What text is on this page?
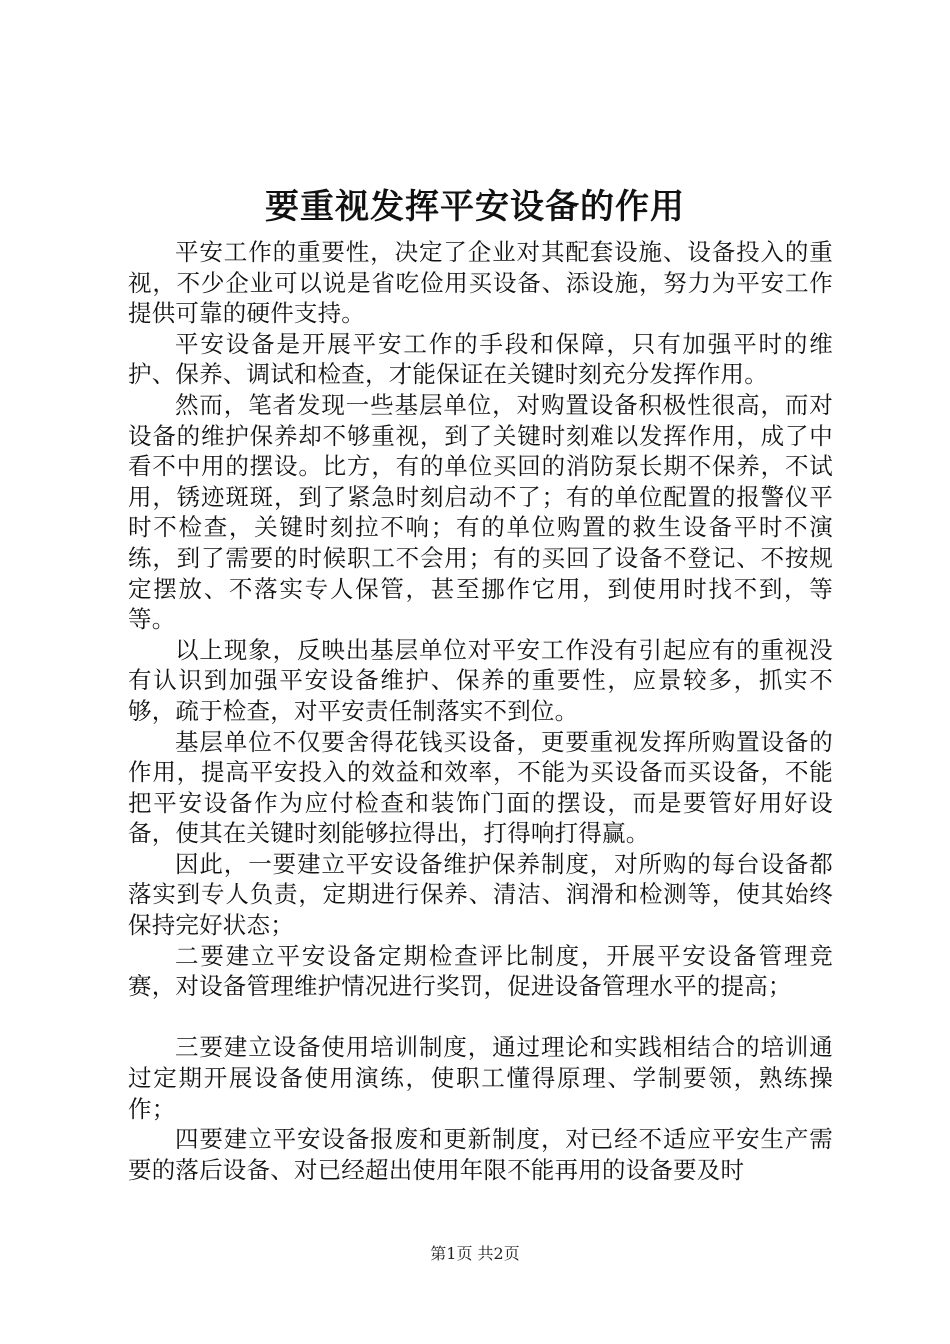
要重视发挥平安设备的作用

平安工作的重要性，决定了企业对其配套设施、设备投入的重视，不少企业可以说是省吃俭用买设备、添设施，努力为平安工作提供可靠的硬件支持。

平安设备是开展平安工作的手段和保障，只有加强平时的维护、保养、调试和检查，才能保证在关键时刻充分发挥作用。

然而，笔者发现一些基层单位，对购置设备积极性很高，而对设备的维护保养却不够重视，到了关键时刻难以发挥作用，成了中看不中用的摆设。比方，有的单位买回的消防泵长期不保养，不试用，锈迹斑斑，到了紧急时刻启动不了；有的单位配置的报警仪平时不检查，关键时刻拉不响；有的单位购置的救生设备平时不演练，到了需要的时候职工不会用；有的买回了设备不登记、不按规定摆放、不落实专人保管，甚至挪作它用，到使用时找不到，等等。

以上现象，反映出基层单位对平安工作没有引起应有的重视没有认识到加强平安设备维护、保养的重要性，应景较多，抓实不够，疏于检查，对平安责任制落实不到位。

基层单位不仅要舍得花钱买设备，更要重视发挥所购置设备的作用，提高平安投入的效益和效率，不能为买设备而买设备，不能把平安设备作为应付检查和装饰门面的摆设，而是要管好用好设备，使其在关键时刻能够拉得出，打得响打得赢。

因此，一要建立平安设备维护保养制度，对所购的每台设备都落实到专人负责，定期进行保养、清洁、润滑和检测等，使其始终保持完好状态；

二要建立平安设备定期检查评比制度，开展平安设备管理竞赛，对设备管理维护情况进行奖罚，促进设备管理水平的提高；

三要建立设备使用培训制度，通过理论和实践相结合的培训通过定期开展设备使用演练，使职工懂得原理、学制要领，熟练操作；

四要建立平安设备报废和更新制度，对已经不适应平安生产需要的落后设备、对已经超出使用年限不能再用的设备要及时

第1页 共2页
